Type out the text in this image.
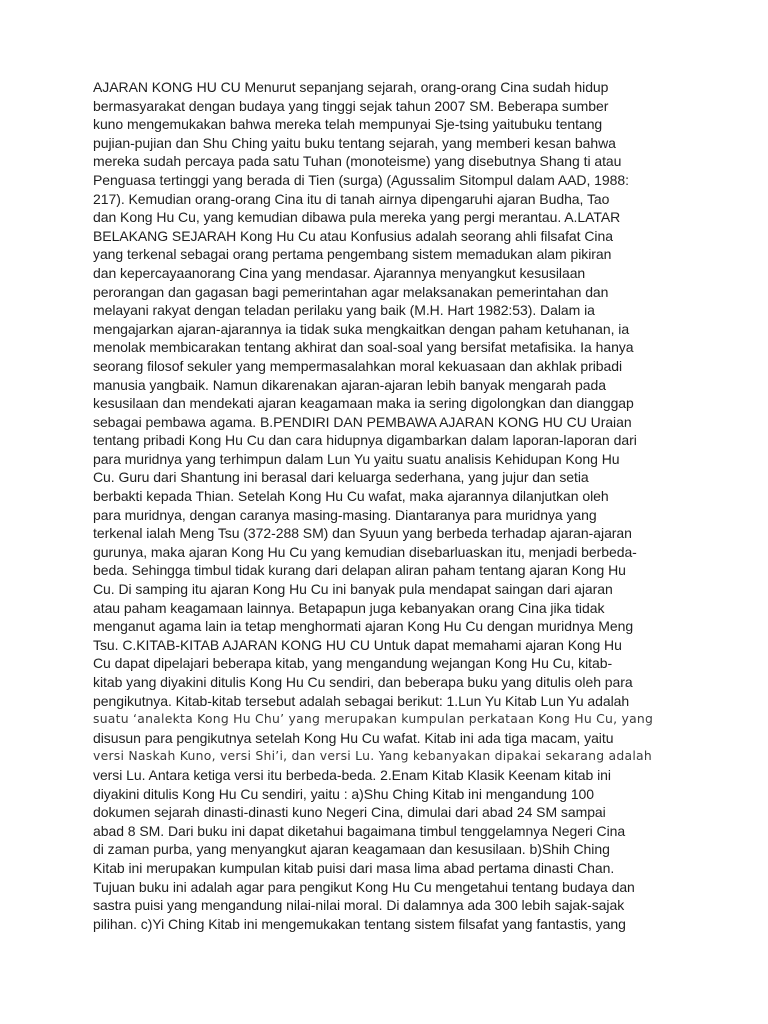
AJARAN KONG HU CU Menurut sepanjang sejarah, orang-orang Cina sudah hidup
bermasyarakat dengan budaya yang tinggi sejak tahun 2007 SM. Beberapa sumber
kuno mengemukakan bahwa mereka telah mempunyai Sje-tsing yaitubuku tentang
pujian-pujian dan Shu Ching yaitu buku tentang sejarah, yang memberi kesan bahwa
mereka sudah percaya pada satu Tuhan (monoteisme) yang disebutnya Shang ti atau
Penguasa tertinggi yang berada di Tien (surga) (Agussalim Sitompul dalam AAD, 1988:
217). Kemudian orang-orang Cina itu di tanah airnya dipengaruhi ajaran Budha, Tao
dan Kong Hu Cu, yang kemudian dibawa pula mereka yang pergi merantau. A.LATAR
BELAKANG SEJARAH Kong Hu Cu atau Konfusius adalah seorang ahli filsafat Cina
yang terkenal sebagai orang pertama pengembang sistem memadukan alam pikiran
dan kepercayaanorang Cina yang mendasar. Ajarannya menyangkut kesusilaan
perorangan dan gagasan bagi pemerintahan agar melaksanakan pemerintahan dan
melayani rakyat dengan teladan perilaku yang baik (M.H. Hart 1982:53). Dalam ia
mengajarkan ajaran-ajarannya ia tidak suka mengkaitkan dengan paham ketuhanan, ia
menolak membicarakan tentang akhirat dan soal-soal yang bersifat metafisika. Ia hanya
seorang filosof sekuler yang mempermasalahkan moral kekuasaan dan akhlak pribadi
manusia yangbaik. Namun dikarenakan ajaran-ajaran lebih banyak mengarah pada
kesusilaan dan mendekati ajaran keagamaan maka ia sering digolongkan dan dianggap
sebagai pembawa agama. B.PENDIRI DAN PEMBAWA AJARAN KONG HU CU Uraian
tentang pribadi Kong Hu Cu dan cara hidupnya digambarkan dalam laporan-laporan dari
para muridnya yang terhimpun dalam Lun Yu yaitu suatu analisis Kehidupan Kong Hu
Cu. Guru dari Shantung ini berasal dari keluarga sederhana, yang jujur dan setia
berbakti kepada Thian. Setelah Kong Hu Cu wafat, maka ajarannya dilanjutkan oleh
para muridnya, dengan caranya masing-masing. Diantaranya para muridnya yang
terkenal ialah Meng Tsu (372-288 SM) dan Syuun yang berbeda terhadap ajaran-ajaran
gurunya, maka ajaran Kong Hu Cu yang kemudian disebarluaskan itu, menjadi berbeda-
beda. Sehingga timbul tidak kurang dari delapan aliran paham tentang ajaran Kong Hu
Cu. Di samping itu ajaran Kong Hu Cu ini banyak pula mendapat saingan dari ajaran
atau paham keagamaan lainnya. Betapapun juga kebanyakan orang Cina jika tidak
menganut agama lain ia tetap menghormati ajaran Kong Hu Cu dengan muridnya Meng
Tsu. C.KITAB-KITAB AJARAN KONG HU CU Untuk dapat memahami ajaran Kong Hu
Cu dapat dipelajari beberapa kitab, yang mengandung wejangan Kong Hu Cu, kitab-
kitab yang diyakini ditulis Kong Hu Cu sendiri, dan beberapa buku yang ditulis oleh para
pengikutnya. Kitab-kitab tersebut adalah sebagai berikut: 1.Lun Yu Kitab Lun Yu adalah
suatu ‘analekta Kong Hu Chu’ yang merupakan kumpulan perkataan Kong Hu Cu, yang
disusun para pengikutnya setelah Kong Hu Cu wafat. Kitab ini ada tiga macam, yaitu
versi Naskah Kuno, versi Shi’i, dan versi Lu. Yang kebanyakan dipakai sekarang adalah
versi Lu. Antara ketiga versi itu berbeda-beda. 2.Enam Kitab Klasik Keenam kitab ini
diyakini ditulis Kong Hu Cu sendiri, yaitu : a)Shu Ching Kitab ini mengandung 100
dokumen sejarah dinasti-dinasti kuno Negeri Cina, dimulai dari abad 24 SM sampai
abad 8 SM. Dari buku ini dapat diketahui bagaimana timbul tenggelamnya Negeri Cina
di zaman purba, yang menyangkut ajaran keagamaan dan kesusilaan. b)Shih Ching
Kitab ini merupakan kumpulan kitab puisi dari masa lima abad pertama dinasti Chan.
Tujuan buku ini adalah agar para pengikut Kong Hu Cu mengetahui tentang budaya dan
sastra puisi yang mengandung nilai-nilai moral. Di dalamnya ada 300 lebih sajak-sajak
pilihan. c)Yi Ching Kitab ini mengemukakan tentang sistem filsafat yang fantastis, yang
